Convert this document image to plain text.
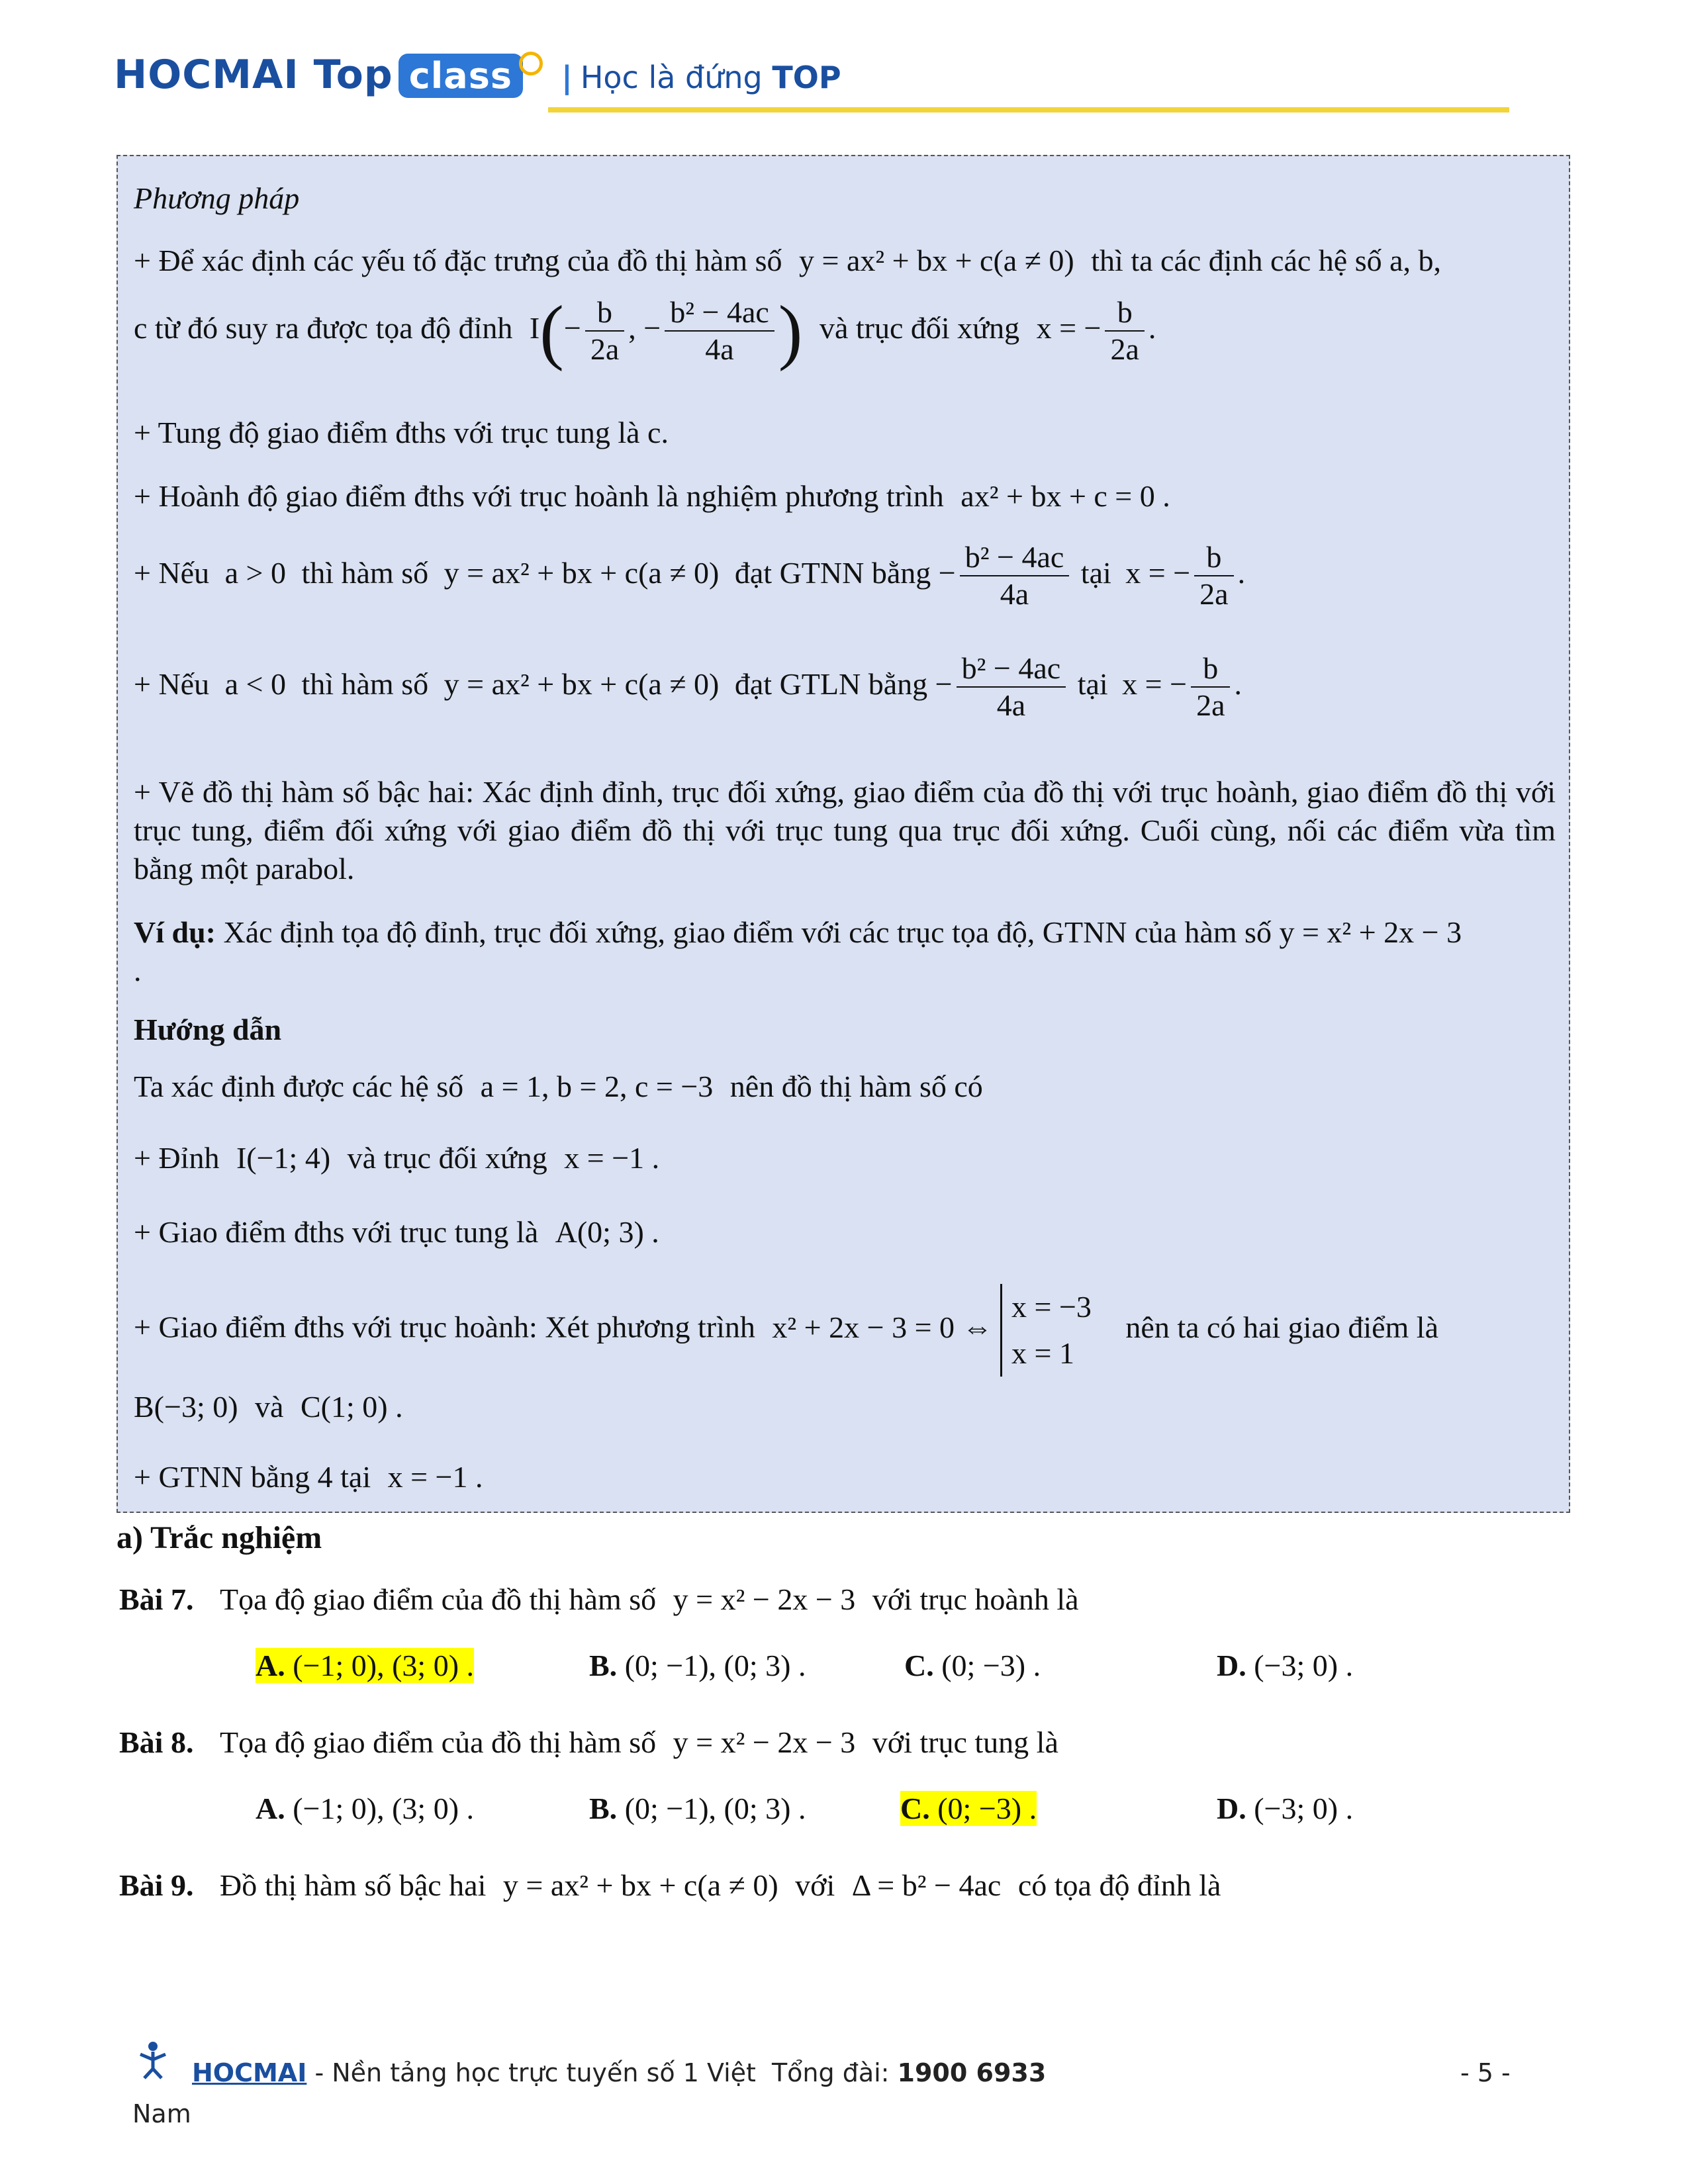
HOCMAI Top class	| Học là đứng TOP
Phương pháp
+ Để xác định các yếu tố đặc trưng của đồ thị hàm số y = ax² + bx + c(a ≠ 0) thì ta các định các hệ số a, b,
c từ đó suy ra được tọa độ đỉnh $I(- \frac{b}{2a}$ , − $\frac{\text{b² − 4ac}}{4a}$ ) và trục đối xứng x = − $\frac{b}{2a}$ .
+ Tung độ giao điểm đths với trục tung là c.
+ Hoành độ giao điểm đths với trục hoành là nghiệm phương trình ax² + bx + c = 0 .
+ Nếu a > 0 thì hàm số y = ax² + bx + c(a ≠ 0) đạt GTNN bằng − $\frac{\text{b² − 4ac}}{4a}$ tại x = − $\frac{b}{2a}$ .
+ Nếu a < 0 thì hàm số y = ax² + bx + c(a ≠ 0) đạt GTLN bằng − $\frac{\text{b² − 4ac}}{4a}$ tại x = − $\frac{b}{2a}$ .
+ Vẽ đồ thị hàm số bậc hai: Xác định đỉnh, trục đối xứng, giao điểm của đồ thị với trục hoành, giao điểm đồ thị với trục tung, điểm đối xứng với giao điểm đồ thị với trục tung qua trục đối xứng. Cuối cùng, nối các điểm vừa tìm bằng một parabol.
Ví dụ: Xác định tọa độ đỉnh, trục đối xứng, giao điểm với các trục tọa độ, GTNN của hàm số y = x² + 2x − 3
.
Hướng dẫn
Ta xác định được các hệ số a = 1, b = 2, c = −3 nên đồ thị hàm số có
+ Đỉnh I(−1; 4) và trục đối xứng x = −1 .
+ Giao điểm đths với trục tung là A(0; 3) .
+ Giao điểm đths với trục hoành: Xét phương trình x² + 2x − 3 = 0 ⇔
x = −3
x = 1
nên ta có hai giao điểm là
B(−3; 0) và C(1; 0) .
+ GTNN bằng 4 tại x = −1 .
a) Trắc nghiệm
Bài 7. Tọa độ giao điểm của đồ thị hàm số y = x² − 2x − 3 với trục hoành là
A. (−1; 0), (3; 0) .	B. (0; −1), (0; 3) .	C. (0; −3) .	D. (−3; 0) .
Bài 8. Tọa độ giao điểm của đồ thị hàm số y = x² − 2x − 3 với trục tung là
A. (−1; 0), (3; 0) .	B. (0; −1), (0; 3) .	C. (0; −3) .	D. (−3; 0) .
Bài 9. Đồ thị hàm số bậc hai y = ax² + bx + c(a ≠ 0) với Δ = b² − 4ac có tọa độ đỉnh là
HOCMAI - Nền tảng học trực tuyến số 1 Việt Tổng đài: 1900 6933	- 5 -
Nam
